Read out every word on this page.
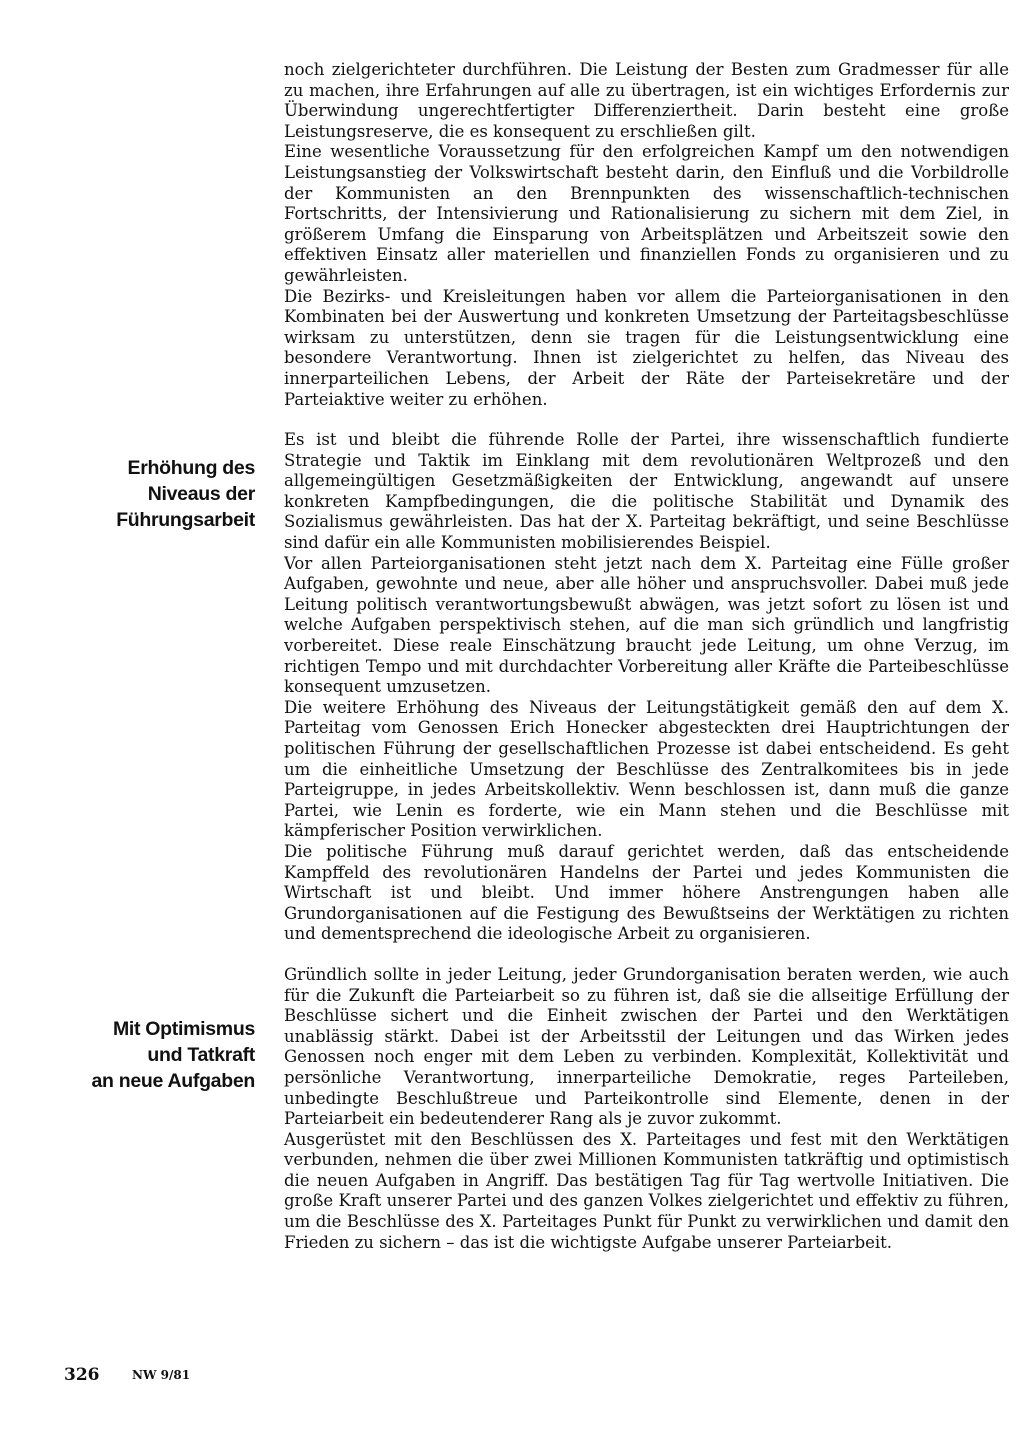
noch zielgerichteter durchführen. Die Leistung der Besten zum Gradmesser für alle zu machen, ihre Erfahrungen auf alle zu übertragen, ist ein wichtiges Erfordernis zur Überwindung ungerechtfertigter Differenziertheit. Darin besteht eine große Leistungsreserve, die es konsequent zu erschließen gilt.

Eine wesentliche Voraussetzung für den erfolgreichen Kampf um den notwendigen Leistungsanstieg der Volkswirtschaft besteht darin, den Einfluß und die Vorbildrolle der Kommunisten an den Brennpunkten des wissenschaftlich-technischen Fortschritts, der Intensivierung und Rationalisierung zu sichern mit dem Ziel, in größerem Umfang die Einsparung von Arbeitsplätzen und Arbeitszeit sowie den effektiven Einsatz aller materiellen und finanziellen Fonds zu organisieren und zu gewährleisten.

Die Bezirks- und Kreisleitungen haben vor allem die Parteiorganisationen in den Kombinaten bei der Auswertung und konkreten Umsetzung der Parteitagsbeschlüsse wirksam zu unterstützen, denn sie tragen für die Leistungsentwicklung eine besondere Verantwortung. Ihnen ist zielgerichtet zu helfen, das Niveau des innerparteilichen Lebens, der Arbeit der Räte der Parteisekretäre und der Parteiaktive weiter zu erhöhen.

Es ist und bleibt die führende Rolle der Partei, ihre wissenschaftlich fundierte Strategie und Taktik im Einklang mit dem revolutionären Weltprozeß und den allgemeingültigen Gesetzmäßigkeiten der Entwicklung, angewandt auf unsere konkreten Kampfbedingungen, die die politische Stabilität und Dynamik des Sozialismus gewährleisten. Das hat der X. Parteitag bekräftigt, und seine Beschlüsse sind dafür ein alle Kommunisten mobilisierendes Beispiel.

Vor allen Parteiorganisationen steht jetzt nach dem X. Parteitag eine Fülle großer Aufgaben, gewohnte und neue, aber alle höher und anspruchsvoller. Dabei muß jede Leitung politisch verantwortungsbewußt abwägen, was jetzt sofort zu lösen ist und welche Aufgaben perspektivisch stehen, auf die man sich gründlich und langfristig vorbereitet. Diese reale Einschätzung braucht jede Leitung, um ohne Verzug, im richtigen Tempo und mit durchdachter Vorbereitung aller Kräfte die Parteibeschlüsse konsequent umzusetzen.

Die weitere Erhöhung des Niveaus der Leitungstätigkeit gemäß den auf dem X. Parteitag vom Genossen Erich Honecker abgesteckten drei Hauptrichtungen der politischen Führung der gesellschaftlichen Prozesse ist dabei entscheidend. Es geht um die einheitliche Umsetzung der Beschlüsse des Zentralkomitees bis in jede Parteigruppe, in jedes Arbeitskollektiv. Wenn beschlossen ist, dann muß die ganze Partei, wie Lenin es forderte, wie ein Mann stehen und die Beschlüsse mit kämpferischer Position verwirklichen.

Die politische Führung muß darauf gerichtet werden, daß das entscheidende Kampffeld des revolutionären Handelns der Partei und jedes Kommunisten die Wirtschaft ist und bleibt. Und immer höhere Anstrengungen haben alle Grundorganisationen auf die Festigung des Bewußtseins der Werktätigen zu richten und dementsprechend die ideologische Arbeit zu organisieren.

Gründlich sollte in jeder Leitung, jeder Grundorganisation beraten werden, wie auch für die Zukunft die Parteiarbeit so zu führen ist, daß sie die allseitige Erfüllung der Beschlüsse sichert und die Einheit zwischen der Partei und den Werktätigen unablässig stärkt. Dabei ist der Arbeitsstil der Leitungen und das Wirken jedes Genossen noch enger mit dem Leben zu verbinden. Komplexität, Kollektivität und persönliche Verantwortung, innerparteiliche Demokratie, reges Parteileben, unbedingte Beschlußtreue und Parteikontrolle sind Elemente, denen in der Parteiarbeit ein bedeutenderer Rang als je zuvor zukommt.

Ausgerüstet mit den Beschlüssen des X. Parteitages und fest mit den Werktätigen verbunden, nehmen die über zwei Millionen Kommunisten tatkräftig und optimistisch die neuen Aufgaben in Angriff. Das bestätigen Tag für Tag wertvolle Initiativen. Die große Kraft unserer Partei und des ganzen Volkes zielgerichtet und effektiv zu führen, um die Beschlüsse des X. Parteitages Punkt für Punkt zu verwirklichen und damit den Frieden zu sichern – das ist die wichtigste Aufgabe unserer Parteiarbeit.

Erhöhung des
Niveaus der
Führungsarbeit
Mit Optimismus
und Tatkraft
an neue Aufgaben
326	NW 9/81
